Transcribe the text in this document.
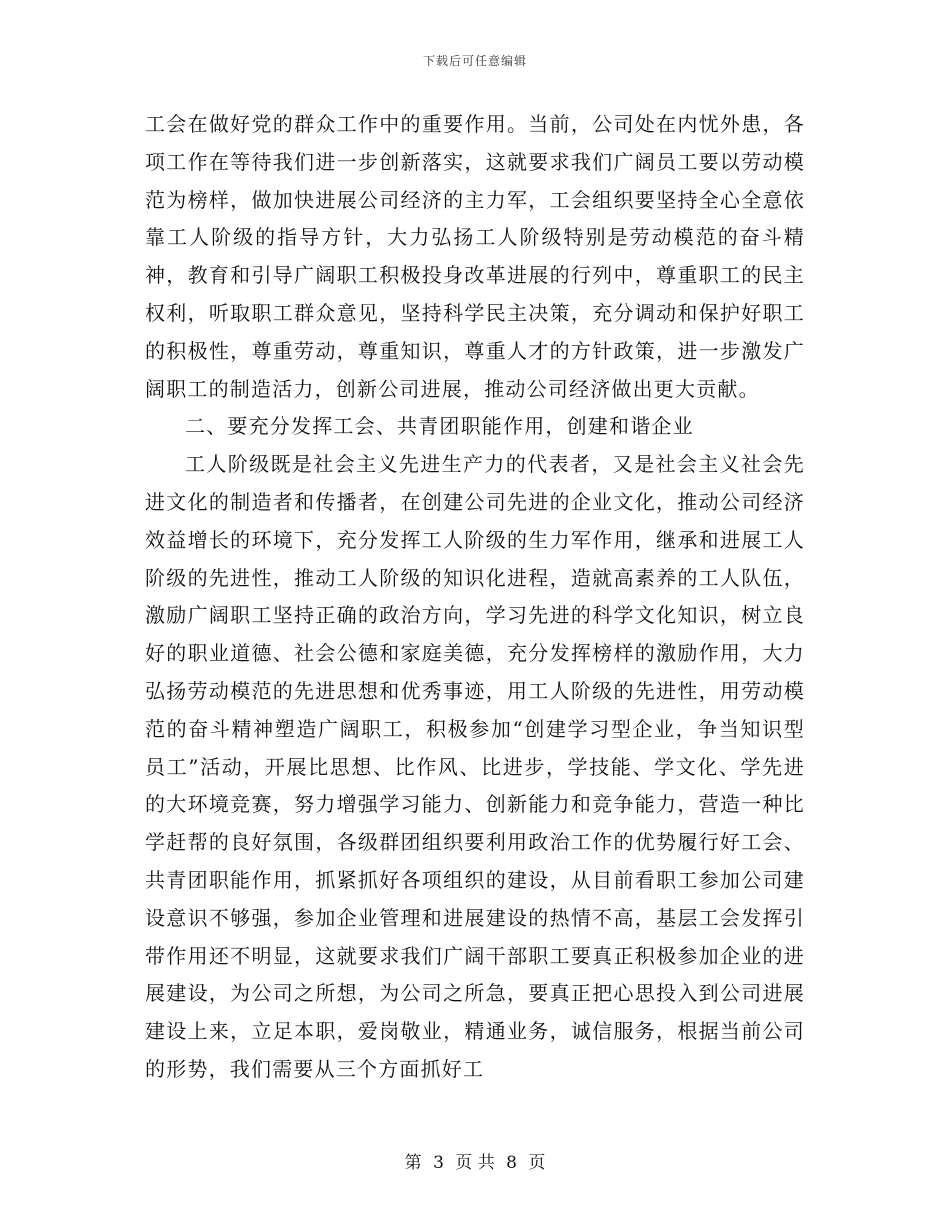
下载后可任意编辑

工会在做好党的群众工作中的重要作用。当前，公司处在内忧外患，各项工作在等待我们进一步创新落实，这就要求我们广阔员工要以劳动模范为榜样，做加快进展公司经济的主力军，工会组织要坚持全心全意依靠工人阶级的指导方针，大力弘扬工人阶级特别是劳动模范的奋斗精神，教育和引导广阔职工积极投身改革进展的行列中，尊重职工的民主权利，听取职工群众意见，坚持科学民主决策，充分调动和保护好职工的积极性，尊重劳动，尊重知识，尊重人才的方针政策，进一步激发广阔职工的制造活力，创新公司进展，推动公司经济做出更大贡献。

二、要充分发挥工会、共青团职能作用，创建和谐企业

工人阶级既是社会主义先进生产力的代表者，又是社会主义社会先进文化的制造者和传播者，在创建公司先进的企业文化，推动公司经济效益增长的环境下，充分发挥工人阶级的生力军作用，继承和进展工人阶级的先进性，推动工人阶级的知识化进程，造就高素养的工人队伍，激励广阔职工坚持正确的政治方向，学习先进的科学文化知识，树立良好的职业道德、社会公德和家庭美德，充分发挥榜样的激励作用，大力弘扬劳动模范的先进思想和优秀事迹，用工人阶级的先进性，用劳动模范的奋斗精神塑造广阔职工，积极参加“创建学习型企业，争当知识型员工”活动，开展比思想、比作风、比进步，学技能、学文化、学先进的大环境竞赛，努力增强学习能力、创新能力和竞争能力，营造一种比学赶帮的良好氛围，各级群团组织要利用政治工作的优势履行好工会、共青团职能作用，抓紧抓好各项组织的建设，从目前看职工参加公司建设意识不够强，参加企业管理和进展建设的热情不高，基层工会发挥引带作用还不明显，这就要求我们广阔干部职工要真正积极参加企业的进展建设，为公司之所想，为公司之所急，要真正把心思投入到公司进展建设上来，立足本职，爱岗敬业，精通业务，诚信服务，根据当前公司的形势，我们需要从三个方面抓好工

第 3 页 共 8 页
